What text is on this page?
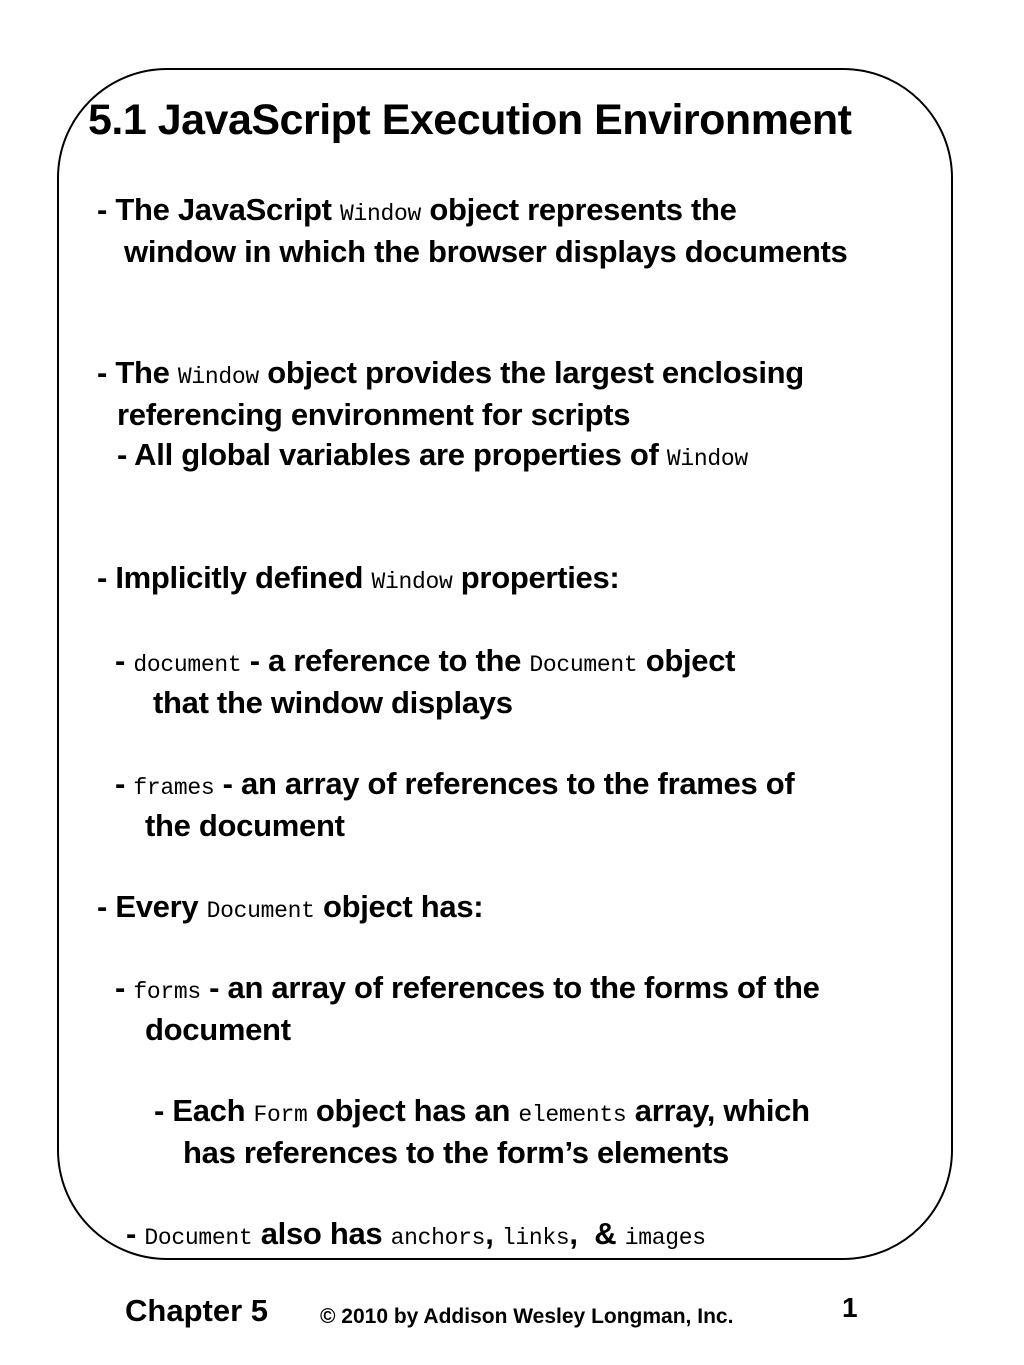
5.1 JavaScript Execution Environment
- The JavaScript Window object represents the
window in which the browser displays documents
- The Window object provides the largest enclosing
referencing environment for scripts
- All global variables are properties of Window
- Implicitly defined Window properties:
- document - a reference to the Document object
that the window displays
- frames - an array of references to the frames of
the document
- Every Document object has:
- forms - an array of references to the forms of the
document
- Each Form object has an elements array, which
has references to the form’s elements
- Document also has anchors, links,  & images
Chapter 5 © 2010 by Addison Wesley Longman, Inc.	1
